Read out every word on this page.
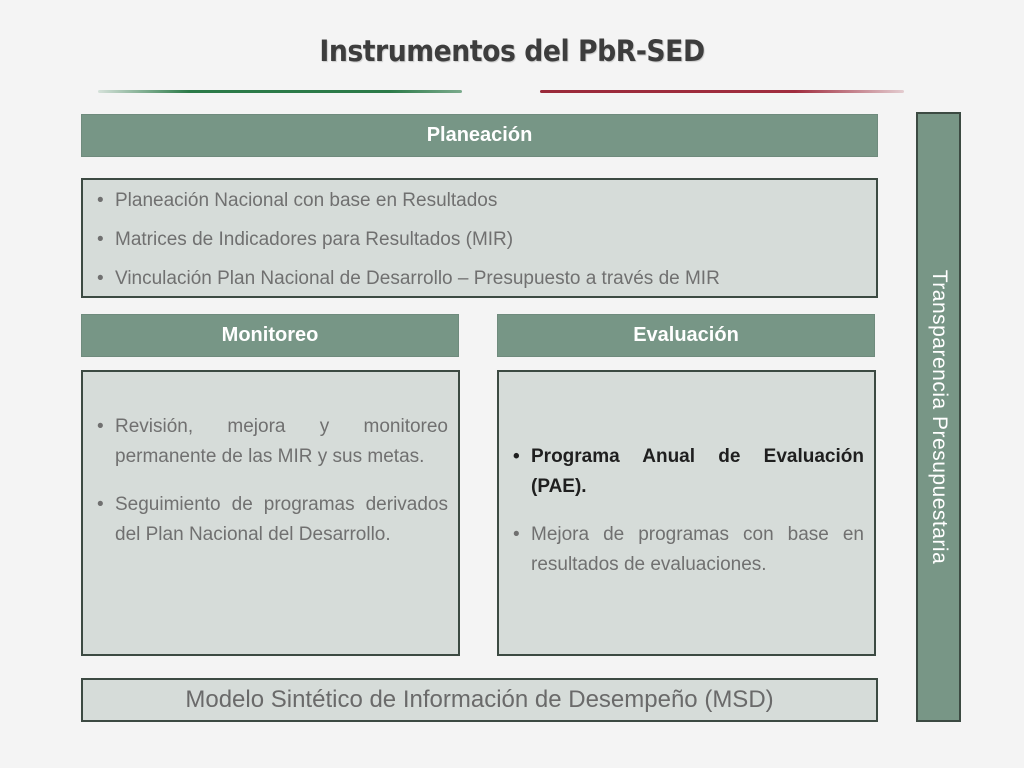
Instrumentos del PbR-SED
Planeación
• Planeación Nacional con base en Resultados
• Matrices de Indicadores para Resultados (MIR)
• Vinculación Plan Nacional de Desarrollo – Presupuesto a través de MIR
Monitoreo
• Revisión, mejora y monitoreo permanente de las MIR y sus metas.
• Seguimiento de programas derivados del Plan Nacional del Desarrollo.
Evaluación
• Programa Anual de Evaluación (PAE).
• Mejora de programas con base en resultados de evaluaciones.
Modelo Sintético de Información de Desempeño (MSD)
Transparencia Presupuestaria
